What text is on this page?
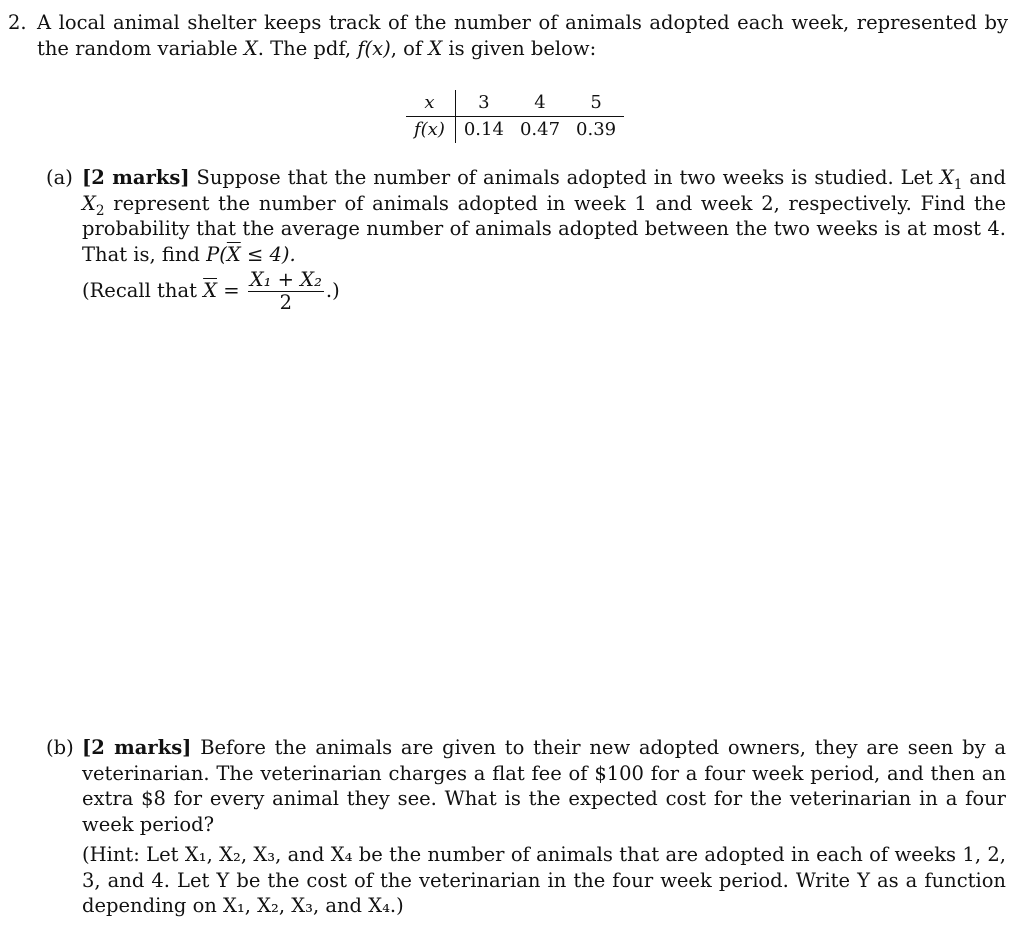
2. A local animal shelter keeps track of the number of animals adopted each week, represented by the random variable X. The pdf, f(x), of X is given below:
x	3	4	5
f(x)	0.14	0.47	0.39
(a) [2 marks] Suppose that the number of animals adopted in two weeks is studied. Let $X_1$ and $X_2$ represent the number of animals adopted in week 1 and week 2, respectively. Find the probability that the average number of animals adopted between the two weeks is at most 4. That is, find $P(\overline{X} \le 4)$.
(Recall that $\overline{X} = \frac{\text{X₁ + X₂}}{2}$ .)
(b) [2 marks] Before the animals are given to their new adopted owners, they are seen by a veterinarian. The veterinarian charges a flat fee of $100 for a four week period, and then an extra $8 for every animal they see. What is the expected cost for the veterinarian in a four week period?
(Hint: Let X₁, X₂, X₃, and X₄ be the number of animals that are adopted in each of weeks 1, 2, 3, and 4. Let Y be the cost of the veterinarian in the four week period. Write Y as a function depending on X₁, X₂, X₃, and X₄.)
